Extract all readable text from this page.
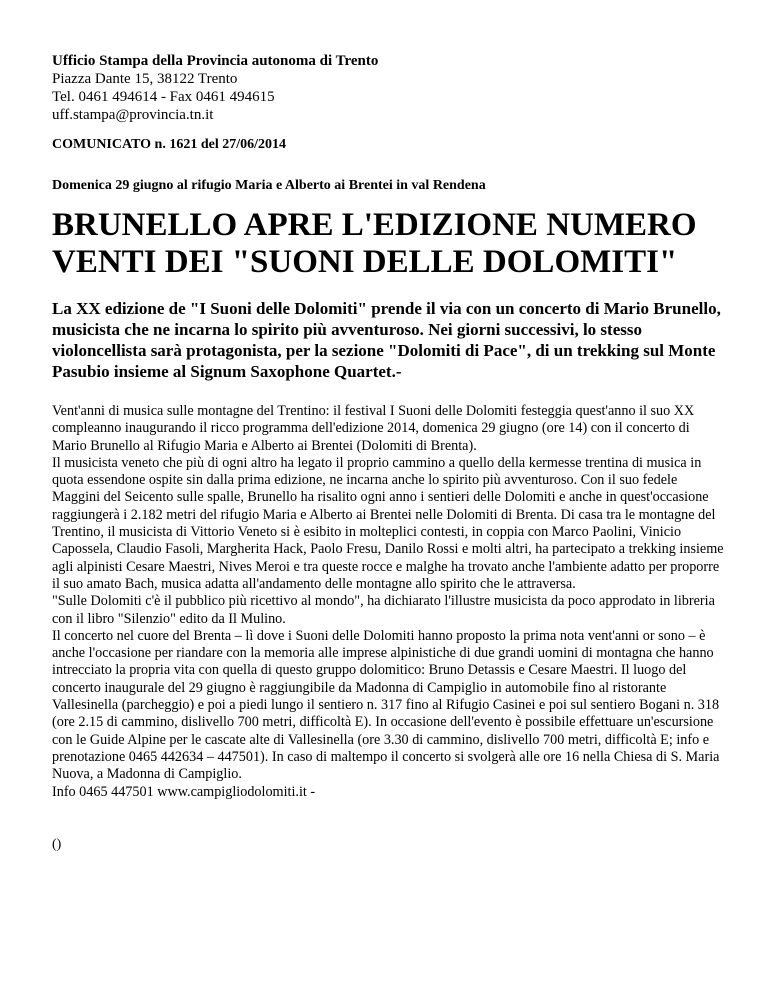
Ufficio Stampa della Provincia autonoma di Trento
Piazza Dante 15, 38122 Trento
Tel. 0461 494614 - Fax 0461 494615
uff.stampa@provincia.tn.it
COMUNICATO n. 1621 del 27/06/2014
Domenica 29 giugno al rifugio Maria e Alberto ai Brentei in val Rendena
BRUNELLO APRE L'EDIZIONE NUMERO VENTI DEI "SUONI DELLE DOLOMITI"

La XX edizione de "I Suoni delle Dolomiti" prende il via con un concerto di Mario Brunello, musicista che ne incarna lo spirito più avventuroso. Nei giorni successivi, lo stesso violoncellista sarà protagonista, per la sezione "Dolomiti di Pace", di un trekking sul Monte Pasubio insieme al Signum Saxophone Quartet.-

Vent'anni di musica sulle montagne del Trentino: il festival I Suoni delle Dolomiti festeggia quest'anno il suo XX compleanno inaugurando il ricco programma dell'edizione 2014, domenica 29 giugno (ore 14) con il concerto di Mario Brunello al Rifugio Maria e Alberto ai Brentei (Dolomiti di Brenta).

Il musicista veneto che più di ogni altro ha legato il proprio cammino a quello della kermesse trentina di musica in quota essendone ospite sin dalla prima edizione, ne incarna anche lo spirito più avventuroso. Con il suo fedele Maggini del Seicento sulle spalle, Brunello ha risalito ogni anno i sentieri delle Dolomiti e anche in quest'occasione raggiungerà i 2.182 metri del rifugio Maria e Alberto ai Brentei nelle Dolomiti di Brenta. Di casa tra le montagne del Trentino, il musicista di Vittorio Veneto si è esibito in molteplici contesti, in coppia con Marco Paolini, Vinicio Capossela, Claudio Fasoli, Margherita Hack, Paolo Fresu, Danilo Rossi e molti altri, ha partecipato a trekking insieme agli alpinisti Cesare Maestri, Nives Meroi e tra queste rocce e malghe ha trovato anche l'ambiente adatto per proporre il suo amato Bach, musica adatta all'andamento delle montagne allo spirito che le attraversa.

"Sulle Dolomiti c'è il pubblico più ricettivo al mondo", ha dichiarato l'illustre musicista da poco approdato in libreria con il libro "Silenzio" edito da Il Mulino.

Il concerto nel cuore del Brenta – lì dove i Suoni delle Dolomiti hanno proposto la prima nota vent'anni or sono – è anche l'occasione per riandare con la memoria alle imprese alpinistiche di due grandi uomini di montagna che hanno intrecciato la propria vita con quella di questo gruppo dolomitico: Bruno Detassis e Cesare Maestri. Il luogo del concerto inaugurale del 29 giugno è raggiungibile da Madonna di Campiglio in automobile fino al ristorante Vallesinella (parcheggio) e poi a piedi lungo il sentiero n. 317 fino al Rifugio Casinei e poi sul sentiero Bogani n. 318 (ore 2.15 di cammino, dislivello 700 metri, difficoltà E). In occasione dell'evento è possibile effettuare un'escursione con le Guide Alpine per le cascate alte di Vallesinella (ore 3.30 di cammino, dislivello 700 metri, difficoltà E; info e prenotazione 0465 442634 – 447501). In caso di maltempo il concerto si svolgerà alle ore 16 nella Chiesa di S. Maria Nuova, a Madonna di Campiglio.

Info 0465 447501 www.campigliodolomiti.it -

()
